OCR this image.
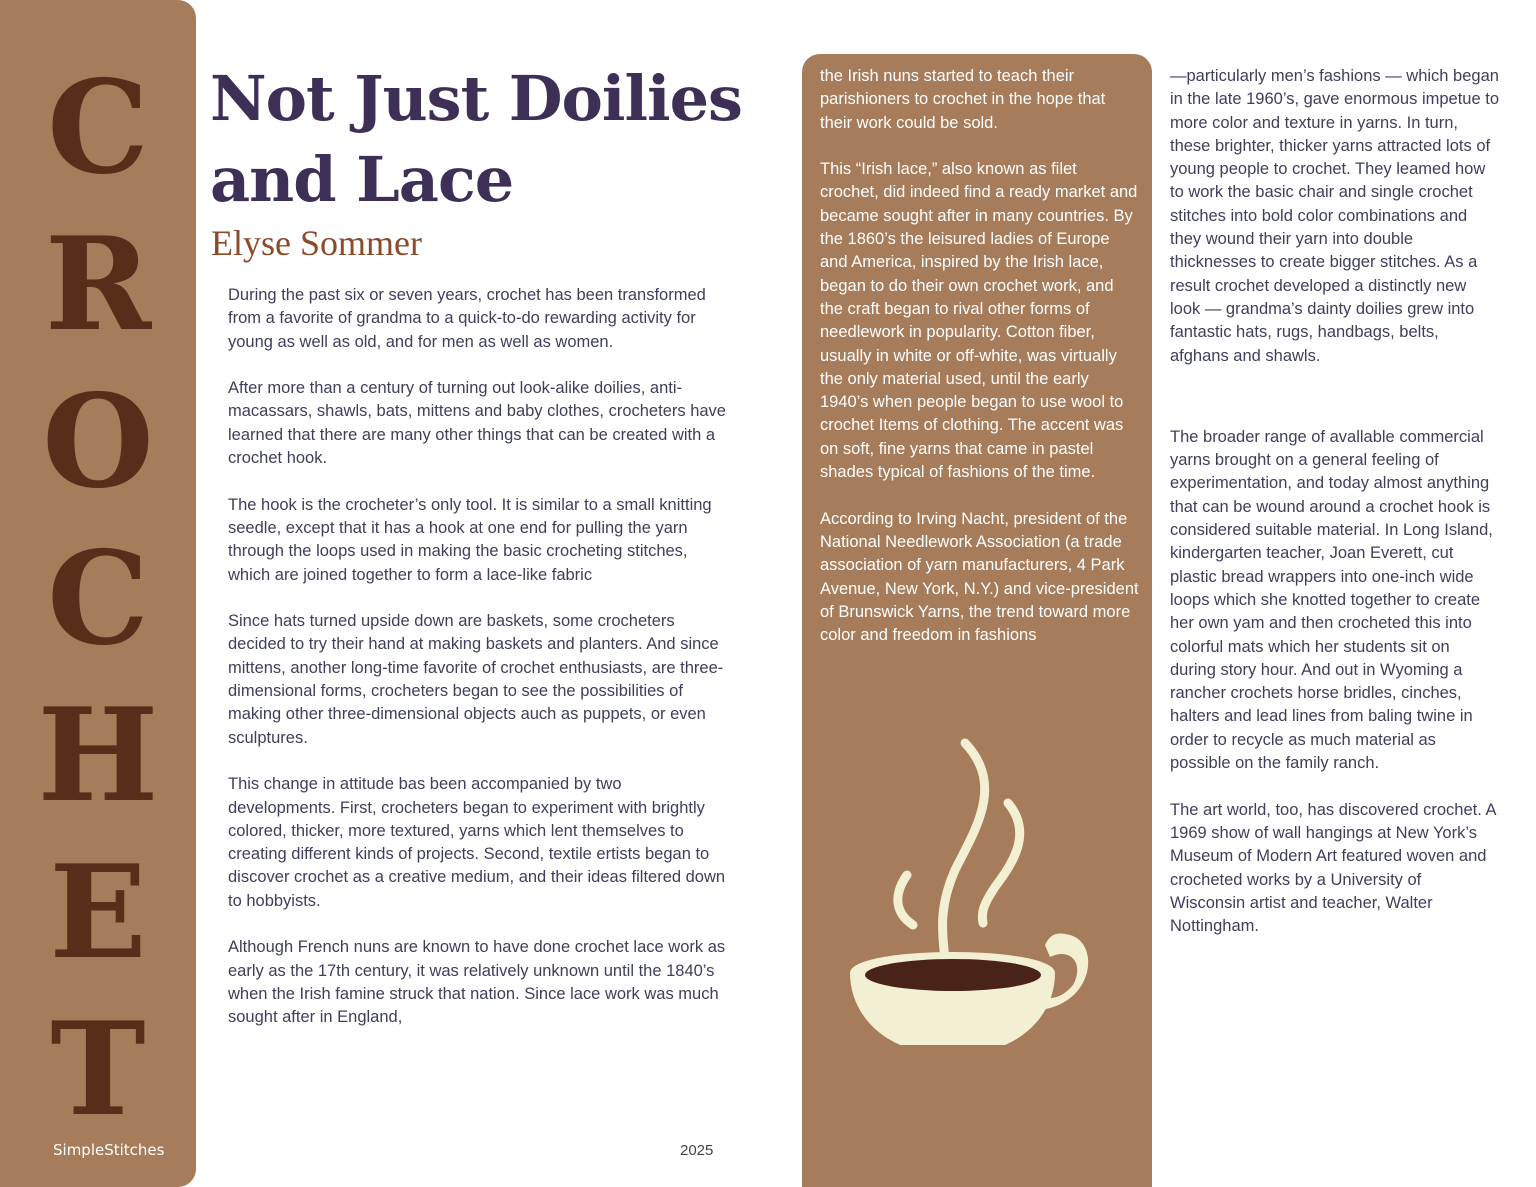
C
R
O
C
H
E
T
SimpleStitches
Not Just Doilies
and Lace
Elyse Sommer

During the past six or seven years, crochet has been transformed from a favorite of grandma to a quick-to-do rewarding activity for young as well as old, and for men as well as women.

After more than a century of turning out look-alike doilies, anti-macassars, shawls, bats, mittens and baby clothes, crocheters have learned that there are many other things that can be created with a crochet hook.

The hook is the crocheter’s only tool. It is similar to a small knitting seedle, except that it has a hook at one end for pulling the yarn through the loops used in making the basic crocheting stitches, which are joined together to form a lace-like fabric

Since hats turned upside down are baskets, some crocheters decided to try their hand at making baskets and planters. And since mittens, another long-time favorite of crochet enthusiasts, are three-dimensional forms, crocheters began to see the possibilities of making other three-dimensional objects auch as puppets, or even sculptures.

This change in attitude bas been accompanied by two developments. First, crocheters began to experiment with brightly colored, thicker, more textured, yarns which lent themselves to creating different kinds of projects. Second, textile ertists began to discover crochet as a creative medium, and their ideas filtered down to hobbyists.

Although French nuns are known to have done crochet lace work as early as the 17th century, it was relatively unknown until the 1840’s when the Irish famine struck that nation. Since lace work was much sought after in England,

2025

the Irish nuns started to teach their parishioners to crochet in the hope that their work could be sold.

This “Irish lace,” also known as filet crochet, did indeed find a ready market and became sought after in many countries. By the 1860’s the leisured ladies of Europe and America, inspired by the Irish lace, began to do their own crochet work, and the craft began to rival other forms of needlework in popularity. Cotton fiber, usually in white or off-white, was virtually the only material used, until the early 1940’s when people began to use wool to crochet Items of clothing. The accent was on soft, fine yarns that came in pastel shades typical of fashions of the time.

According to Irving Nacht, president of the National Needlework Association (a trade association of yarn manufacturers, 4 Park Avenue, New York, N.Y.) and vice-president of Brunswick Yarns, the trend toward more color and freedom in fashions

—particularly men’s fashions — which began in the late 1960’s, gave enormous impetue to more color and texture in yarns. In turn, these brighter, thicker yarns attracted lots of young people to crochet. They leamed how to work the basic chair and single crochet stitches into bold color combinations and they wound their yarn into double thicknesses to create bigger stitches. As a result crochet developed a distinctly new look — grandma’s dainty doilies grew into fantastic hats, rugs, handbags, belts, afghans and shawls.

The broader range of avallable commercial yarns brought on a general feeling of experimentation, and today almost anything that can be wound around a crochet hook is considered suitable material. In Long Island, kindergarten teacher, Joan Everett, cut plastic bread wrappers into one-inch wide loops which she knotted together to create her own yam and then crocheted this into colorful mats which her students sit on during story hour. And out in Wyoming a rancher crochets horse bridles, cinches, halters and lead lines from baling twine in order to recycle as much material as possible on the family ranch.

The art world, too, has discovered crochet. A 1969 show of wall hangings at New York’s Museum of Modern Art featured woven and crocheted works by a University of Wisconsin artist and teacher, Walter Nottingham.
